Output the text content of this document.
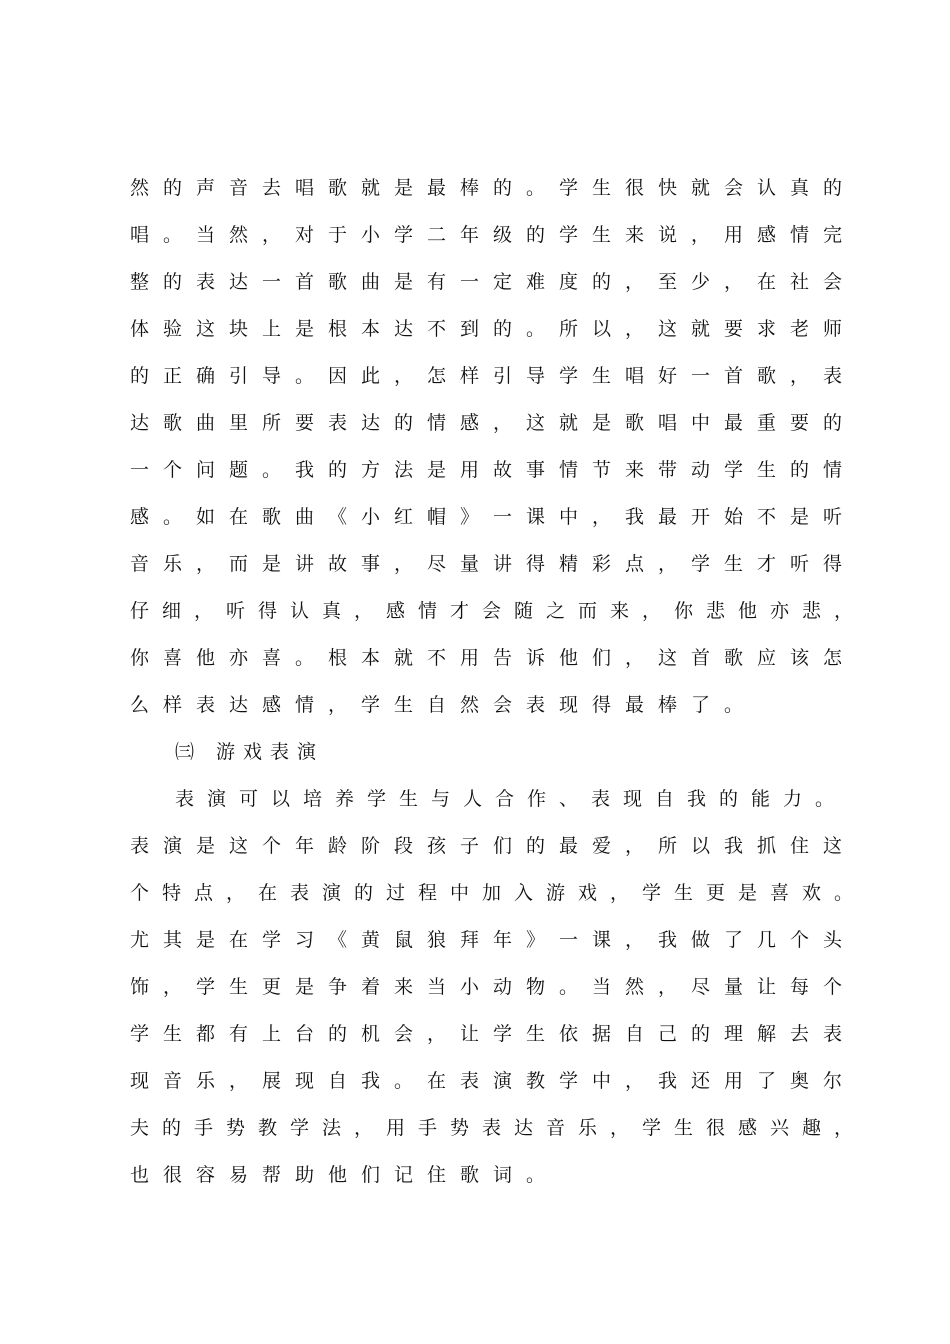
然的声音去唱歌就是最棒的。学生很快就会认真的
唱。当然，对于小学二年级的学生来说，用感情完
整的表达一首歌曲是有一定难度的，至少，在社会
体验这块上是根本达不到的。所以，这就要求老师
的正确引导。因此，怎样引导学生唱好一首歌，表
达歌曲里所要表达的情感，这就是歌唱中最重要的
一个问题。我的方法是用故事情节来带动学生的情
感。如在歌曲《小红帽》一课中，我最开始不是听
音乐，而是讲故事，尽量讲得精彩点，学生才听得
仔细，听得认真，感情才会随之而来，你悲他亦悲，
你喜他亦喜。根本就不用告诉他们，这首歌应该怎
么样表达感情，学生自然会表现得最棒了。
㈢ 游戏表演
表演可以培养学生与人合作、表现自我的能力。
表演是这个年龄阶段孩子们的最爱，所以我抓住这
个特点，在表演的过程中加入游戏，学生更是喜欢。
尤其是在学习《黄鼠狼拜年》一课，我做了几个头
饰，学生更是争着来当小动物。当然，尽量让每个
学生都有上台的机会，让学生依据自己的理解去表
现音乐，展现自我。在表演教学中，我还用了奥尔
夫的手势教学法，用手势表达音乐，学生很感兴趣，
也很容易帮助他们记住歌词。
